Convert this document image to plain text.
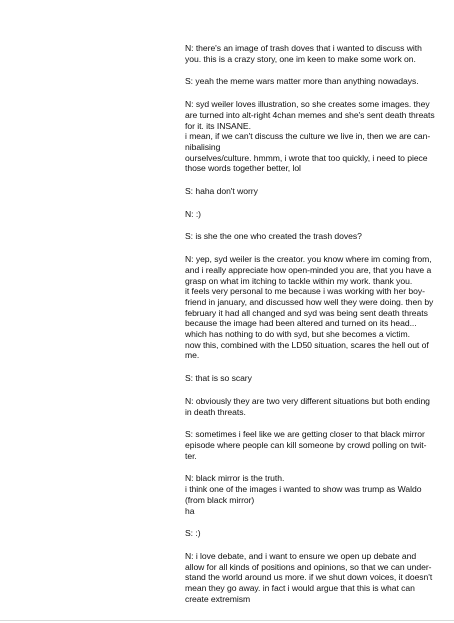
N: there's an image of trash doves that i wanted to discuss with
you. this is a crazy story, one im keen to make some work on.

S: yeah the meme wars matter more than anything nowadays.

N: syd weiler loves illustration, so she creates some images. they
are turned into alt-right 4chan memes and she's sent death threats
for it. its INSANE.
i mean, if we can't discuss the culture we live in, then we are can-
nibalising
ourselves/culture. hmmm, i wrote that too quickly, i need to piece
those words together better, lol

S: haha don't worry

N: :)

S: is she the one who created the trash doves?

N: yep, syd weiler is the creator. you know where im coming from,
and i really appreciate how open-minded you are, that you have a
grasp on what im itching to tackle within my work. thank you.
it feels very personal to me because i was working with her boy-
friend in january, and discussed how well they were doing. then by
february it had all changed and syd was being sent death threats
because the image had been altered and turned on its head...
which has nothing to do with syd, but she becomes a victim.
now this, combined with the LD50 situation, scares the hell out of
me.

S: that is so scary

N: obviously they are two very different situations but both ending
in death threats.

S: sometimes i feel like we are getting closer to that black mirror
episode where people can kill someone by crowd polling on twit-
ter.

N: black mirror is the truth.
i think one of the images i wanted to show was trump as Waldo
(from black mirror)
ha

S: :)

N: i love debate, and i want to ensure we open up debate and
allow for all kinds of positions and opinions, so that we can under-
stand the world around us more. if we shut down voices, it doesn't
mean they go away. in fact i would argue that this is what can
create extremism
